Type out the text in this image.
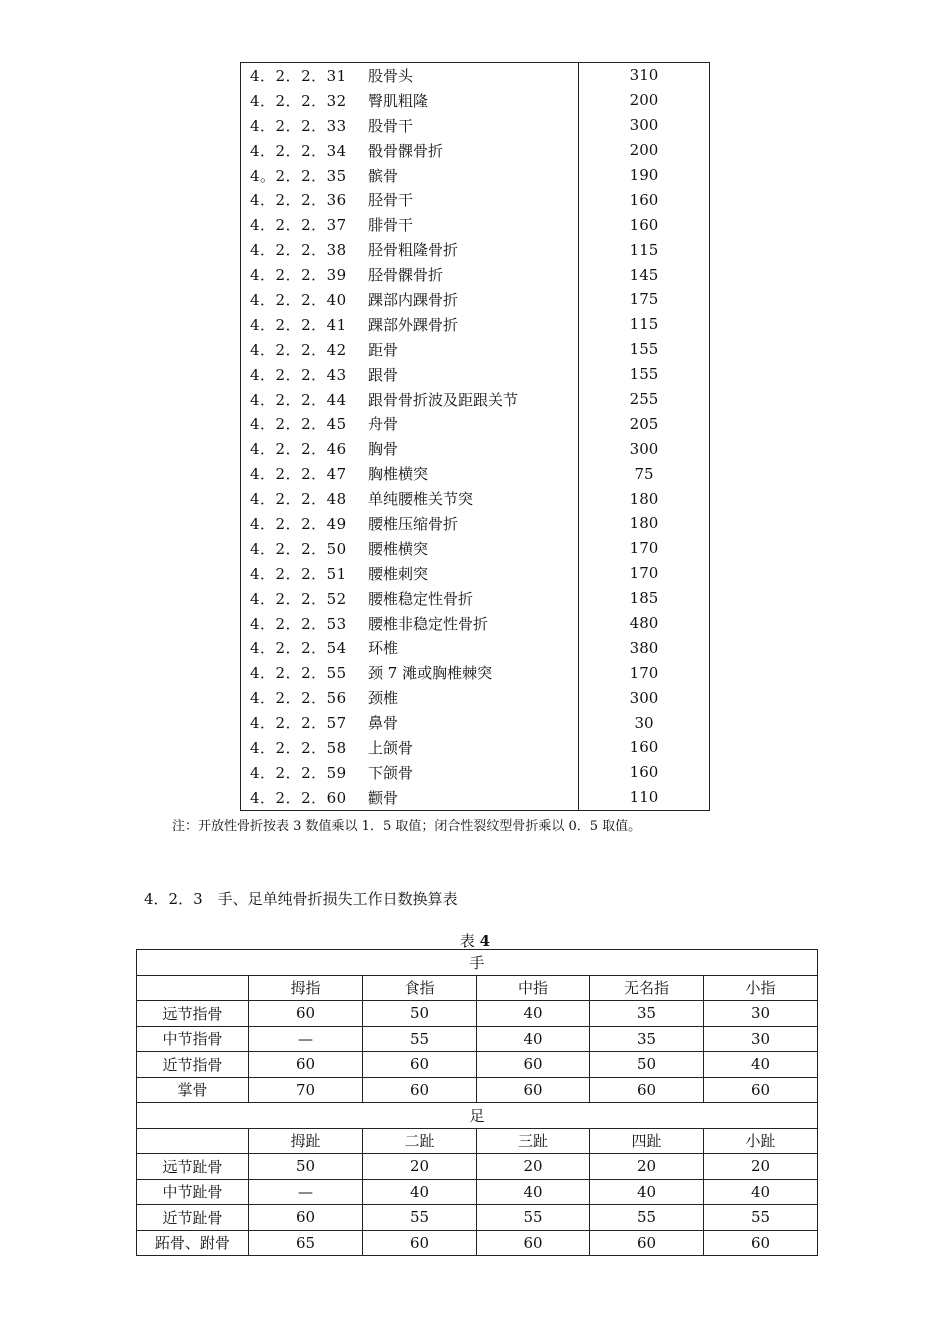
4．2．2．31	股骨头	310
4．2．2．32	臀肌粗隆	200
4．2．2．33	股骨干	300
4．2．2．34	骰骨髁骨折	200
4。2．2．35	髌骨	190
4．2．2．36	胫骨干	160
4．2．2．37	腓骨干	160
4．2．2．38	胫骨粗隆骨折	115
4．2．2．39	胫骨髁骨折	145
4．2．2．40	踝部内踝骨折	175
4．2．2．41	踝部外踝骨折	115
4．2．2．42	距骨	155
4．2．2．43	跟骨	155
4．2．2．44	跟骨骨折波及距跟关节	255
4．2．2．45	舟骨	205
4．2．2．46	胸骨	300
4．2．2．47	胸椎横突	75
4．2．2．48	单纯腰椎关节突	180
4．2．2．49	腰椎压缩骨折	180
4．2．2．50	腰椎横突	170
4．2．2．51	腰椎刺突	170
4．2．2．52	腰椎稳定性骨折	185
4．2．2．53	腰椎非稳定性骨折	480
4．2．2．54	环椎	380
4．2．2．55	颈 7 滩或胸椎棘突	170
4．2．2．56	颈椎	300
4．2．2．57	鼻骨	30
4．2．2．58	上颌骨	160
4．2．2．59	下颌骨	160
4．2．2．60	颧骨	110
注：开放性骨折按表 3 数值乘以 1．5 取值；闭合性裂纹型骨折乘以 0．5 取值。
4．2．3　手、足单纯骨折损失工作日数换算表
表 4
手					
	拇指	食指	中指	无名指	小指
远节指骨	60	50	40	35	30
中节指骨	—	55	40	35	30
近节指骨	60	60	60	50	40
掌骨	70	60	60	60	60
足					
	拇趾	二趾	三趾	四趾	小趾
远节趾骨	50	20	20	20	20
中节趾骨	—	40	40	40	40
近节趾骨	60	55	55	55	55
跖骨、跗骨	65	60	60	60	60
